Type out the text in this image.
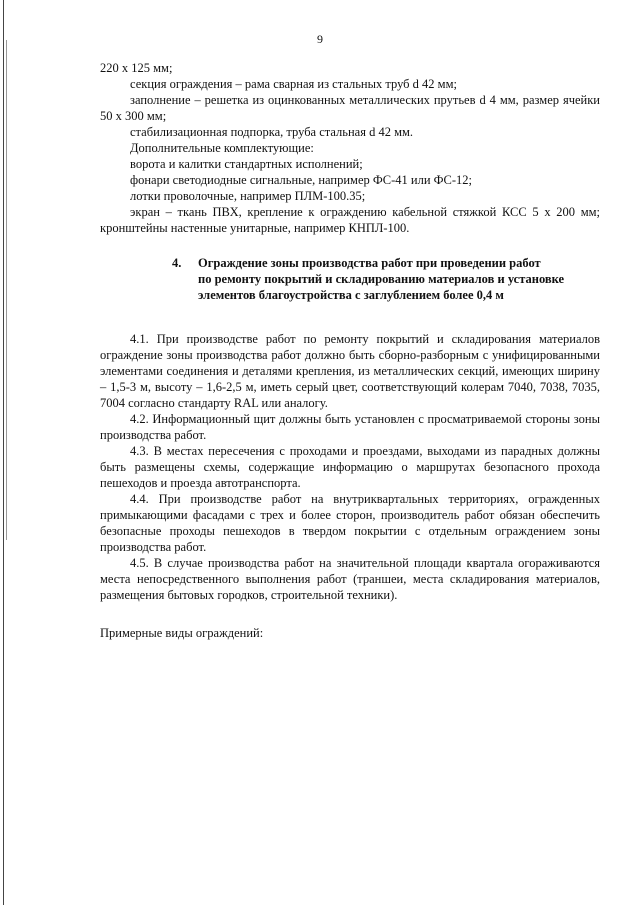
9

220 х 125 мм;

секция ограждения – рама сварная из стальных труб d 42 мм;

заполнение – решетка из оцинкованных металлических прутьев d 4 мм, размер ячейки 50 х 300 мм;

стабилизационная подпорка, труба стальная d 42 мм.

Дополнительные комплектующие:

ворота и калитки стандартных исполнений;

фонари светодиодные сигнальные, например ФС-41 или ФС-12;

лотки проволочные, например ПЛМ-100.35;

экран – ткань ПВХ, крепление к ограждению кабельной стяжкой КСС 5 х 200 мм; кронштейны настенные унитарные, например КНПЛ-100.

4. Ограждение зоны производства работ при проведении работ
по ремонту покрытий и складированию материалов и установке
элементов благоустройства с заглублением более 0,4 м

4.1. При производстве работ по ремонту покрытий и складирования материалов ограждение зоны производства работ должно быть сборно-разборным с унифицированными элементами соединения и деталями крепления, из металлических секций, имеющих ширину – 1,5-3 м, высоту – 1,6-2,5 м, иметь серый цвет, соответствующий колерам 7040, 7038, 7035, 7004 согласно стандарту RAL или аналогу.

4.2. Информационный щит должны быть установлен с просматриваемой стороны зоны производства работ.

4.3. В местах пересечения с проходами и проездами, выходами из парадных должны быть размещены схемы, содержащие информацию о маршрутах безопасного прохода пешеходов и проезда автотранспорта.

4.4. При производстве работ на внутриквартальных территориях, огражденных примыкающими фасадами с трех и более сторон, производитель работ обязан обеспечить безопасные проходы пешеходов в твердом покрытии с отдельным ограждением зоны производства работ.

4.5. В случае производства работ на значительной площади квартала огораживаются места непосредственного выполнения работ (траншеи, места складирования материалов, размещения бытовых городков, строительной техники).

Примерные виды ограждений:
